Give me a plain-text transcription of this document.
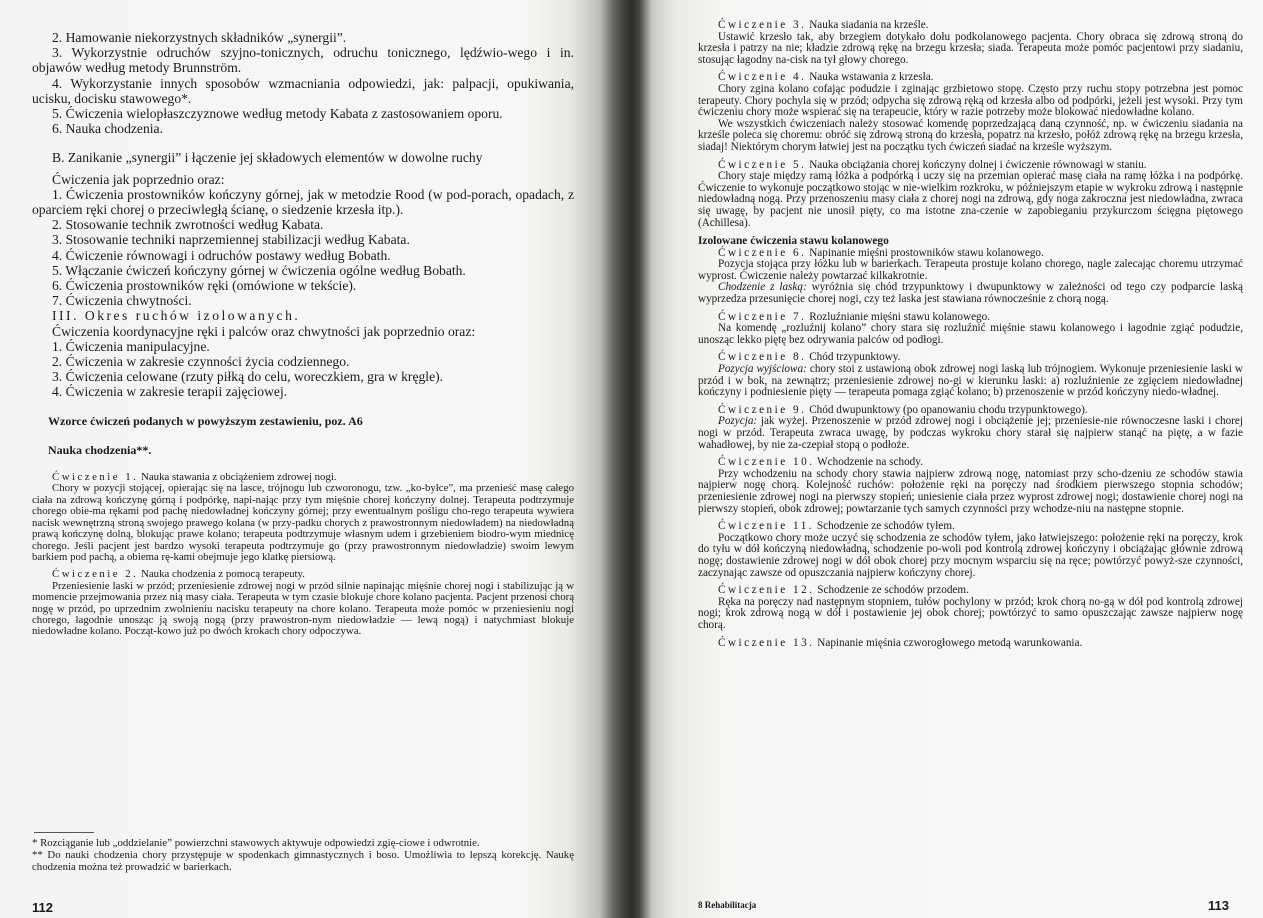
2. Hamowanie niekorzystnych składników „synergii”.

3. Wykorzystnie odruchów szyjno-tonicznych, odruchu tonicznego, lędźwio-wego i in. objawów według metody Brunnström.

4. Wykorzystanie innych sposobów wzmacniania odpowiedzi, jak: palpacji, opukiwania, ucisku, docisku stawowego*.

5. Ćwiczenia wielopłaszczyznowe według metody Kabata z zastosowaniem oporu.

6. Nauka chodzenia.

B. Zanikanie „synergii” i łączenie jej składowych elementów w dowolne ruchy

Ćwiczenia jak poprzednio oraz:

1. Ćwiczenia prostowników kończyny górnej, jak w metodzie Rood (w pod-porach, opadach, z oparciem ręki chorej o przeciwległą ścianę, o siedzenie krzesła itp.).

2. Stosowanie technik zwrotności według Kabata.

3. Stosowanie techniki naprzemiennej stabilizacji według Kabata.

4. Ćwiczenie równowagi i odruchów postawy według Bobath.

5. Włączanie ćwiczeń kończyny górnej w ćwiczenia ogólne według Bobath.

6. Ćwiczenia prostowników ręki (omówione w tekście).

7. Ćwiczenia chwytności.

III. Okres ruchów izolowanych.

Ćwiczenia koordynacyjne ręki i palców oraz chwytności jak poprzednio oraz:

1. Ćwiczenia manipulacyjne.

2. Ćwiczenia w zakresie czynności życia codziennego.

3. Ćwiczenia celowane (rzuty piłką do celu, woreczkiem, gra w kręgle).

4. Ćwiczenia w zakresie terapii zajęciowej.

Wzorce ćwiczeń podanych w powyższym zestawieniu, poz. A6

Nauka chodzenia**.

Ćwiczenie 1. Nauka stawania z obciążeniem zdrowej nogi.

Chory w pozycji stojącej, opierając się na lasce, trójnogu lub czworonogu, tzw. „ko-byłce”, ma przenieść masę całego ciała na zdrową kończynę górną i podpórkę, napi-nając przy tym mięśnie chorej kończyny dolnej. Terapeuta podtrzymuje chorego obie-ma rękami pod pachę niedowładnej kończyny górnej; przy ewentualnym pośligu cho-rego terapeuta wywiera nacisk wewnętrzną stroną swojego prawego kolana (w przy-padku chorych z prawostronnym niedowładem) na niedowładną prawą kończynę dolną, blokując prawe kolano; terapeuta podtrzymuje własnym udem i grzebieniem biodro-wym miednicę chorego. Jeśli pacjent jest bardzo wysoki terapeuta podtrzymuje go (przy prawostronnym niedowładzie) swoim lewym barkiem pod pachą, a obiema rę-kami obejmuje jego klatkę piersiową.

Ćwiczenie 2. Nauka chodzenia z pomocą terapeuty.

Przeniesienie laski w przód; przeniesienie zdrowej nogi w przód silnie napinając mięśnie chorej nogi i stabilizując ją w momencie przejmowania przez nią masy ciała. Terapeuta w tym czasie blokuje chore kolano pacjenta. Pacjent przenosi chorą nogę w przód, po uprzednim zwolnieniu nacisku terapeuty na chore kolano. Terapeuta może pomóc w przeniesieniu nogi chorego, łagodnie unosząc ją swoją nogą (przy prawostron-nym niedowładzie — lewą nogą) i natychmiast blokuje niedowładne kolano. Począt-kowo już po dwóch krokach chory odpoczywa.

* Rozciąganie lub „oddzielanie” powierzchni stawowych aktywuje odpowiedzi zgię-ciowe i odwrotnie.

** Do nauki chodzenia chory przystępuje w spodenkach gimnastycznych i boso. Umożliwia to lepszą korekcję. Naukę chodzenia można też prowadzić w barierkach.

112

Ćwiczenie 3. Nauka siadania na krześle.

Ustawić krzesło tak, aby brzegiem dotykało dołu podkolanowego pacjenta. Chory obraca się zdrową stroną do krzesła i patrzy na nie; kładzie zdrową rękę na brzegu krzesła; siada. Terapeuta może pomóc pacjentowi przy siadaniu, stosując łagodny na-cisk na tył głowy chorego.

Ćwiczenie 4. Nauka wstawania z krzesła.

Chory zgina kolano cofając podudzie i zginając grzbietowo stopę. Często przy ruchu stopy potrzebna jest pomoc terapeuty. Chory pochyla się w przód; odpycha się zdrową ręką od krzesła albo od podpórki, jeżeli jest wysoki. Przy tym ćwiczeniu chory może wspierać się na terapeucie, który w razie potrzeby może blokować niedowładne kolano.

We wszystkich ćwiczeniach należy stosować komendę poprzedzającą daną czynność, np. w ćwiczeniu siadania na krześle poleca się choremu: obróć się zdrową stroną do krzesła, popatrz na krzesło, połóż zdrową rękę na brzegu krzesła, siadaj! Niektórym chorym łatwiej jest na początku tych ćwiczeń siadać na krześle wyższym.

Ćwiczenie 5. Nauka obciążania chorej kończyny dolnej i ćwiczenie równowagi w staniu.

Chory staje między ramą łóżka a podpórką i uczy się na przemian opierać masę ciała na ramę łóżka i na podpórkę. Ćwiczenie to wykonuje początkowo stojąc w nie-wielkim rozkroku, w późniejszym etapie w wykroku zdrową i następnie niedowładną nogą. Przy przenoszeniu masy ciała z chorej nogi na zdrową, gdy noga zakroczna jest niedowładna, zwraca się uwagę, by pacjent nie unosił pięty, co ma istotne zna-czenie w zapobieganiu przykurczom ścięgna piętowego (Achillesa).

Izolowane ćwiczenia stawu kolanowego

Ćwiczenie 6. Napinanie mięśni prostowników stawu kolanowego.

Pozycja stojąca przy łóżku lub w barierkach. Terapeuta prostuje kolano chorego, nagle zalecając choremu utrzymać wyprost. Ćwiczenie należy powtarzać kilkakrotnie.

Chodzenie z laską: wyróżnia się chód trzypunktowy i dwupunktowy w zależności od tego czy podparcie laską wyprzedza przesunięcie chorej nogi, czy też laska jest stawiana równocześnie z chorą nogą.

Ćwiczenie 7. Rozluźnianie mięśni stawu kolanowego.

Na komendę „rozluźnij kolano” chory stara się rozluźnić mięśnie stawu kolanowego i łagodnie zgiąć podudzie, unosząc lekko piętę bez odrywania palców od podłogi.

Ćwiczenie 8. Chód trzypunktowy.

Pozycja wyjściowa: chory stoi z ustawioną obok zdrowej nogi laską lub trójnogiem. Wykonuje przeniesienie laski w przód i w bok, na zewnątrz; przeniesienie zdrowej no-gi w kierunku laski: a) rozluźnienie ze zgięciem niedowładnej kończyny i podniesienie pięty — terapeuta pomaga zgiąć kolano; b) przenoszenie w przód kończyny niedo-władnej.

Ćwiczenie 9. Chód dwupunktowy (po opanowaniu chodu trzypunktowego).

Pozycja: jak wyżej. Przenoszenie w przód zdrowej nogi i obciążenie jej; przeniesie-nie równoczesne laski i chorej nogi w przód. Terapeuta zwraca uwagę, by podczas wykroku chory starał się najpierw stanąć na piętę, a w fazie wahadłowej, by nie za-czepiał stopą o podłoże.

Ćwiczenie 10. Wchodzenie na schody.

Przy wchodzeniu na schody chory stawia najpierw zdrową nogę, natomiast przy scho-dzeniu ze schodów stawia najpierw nogę chorą. Kolejność ruchów: położenie ręki na poręczy nad środkiem pierwszego stopnia schodów; przeniesienie zdrowej nogi na pierwszy stopień; uniesienie ciała przez wyprost zdrowej nogi; dostawienie chorej nogi na pierwszy stopień, obok zdrowej; powtarzanie tych samych czynności przy wchodze-niu na następne stopnie.

Ćwiczenie 11. Schodzenie ze schodów tyłem.

Początkowo chory może uczyć się schodzenia ze schodów tyłem, jako łatwiejszego: położenie ręki na poręczy, krok do tyłu w dół kończyną niedowładną, schodzenie po-woli pod kontrolą zdrowej kończyny i obciążając głównie zdrową nogę; dostawienie zdrowej nogi w dół obok chorej przy mocnym wsparciu się na ręce; powtórzyć powyż-sze czynności, zaczynając zawsze od opuszczania najpierw kończyny chorej.

Ćwiczenie 12. Schodzenie ze schodów przodem.

Ręka na poręczy nad następnym stopniem, tułów pochylony w przód; krok chorą no-gą w dół pod kontrolą zdrowej nogi; krok zdrową nogą w dół i postawienie jej obok chorej; powtórzyć to samo opuszczając zawsze najpierw nogę chorą.

Ćwiczenie 13. Napinanie mięśnia czworogłowego metodą warunkowania.

8 Rehabilitacja	113
